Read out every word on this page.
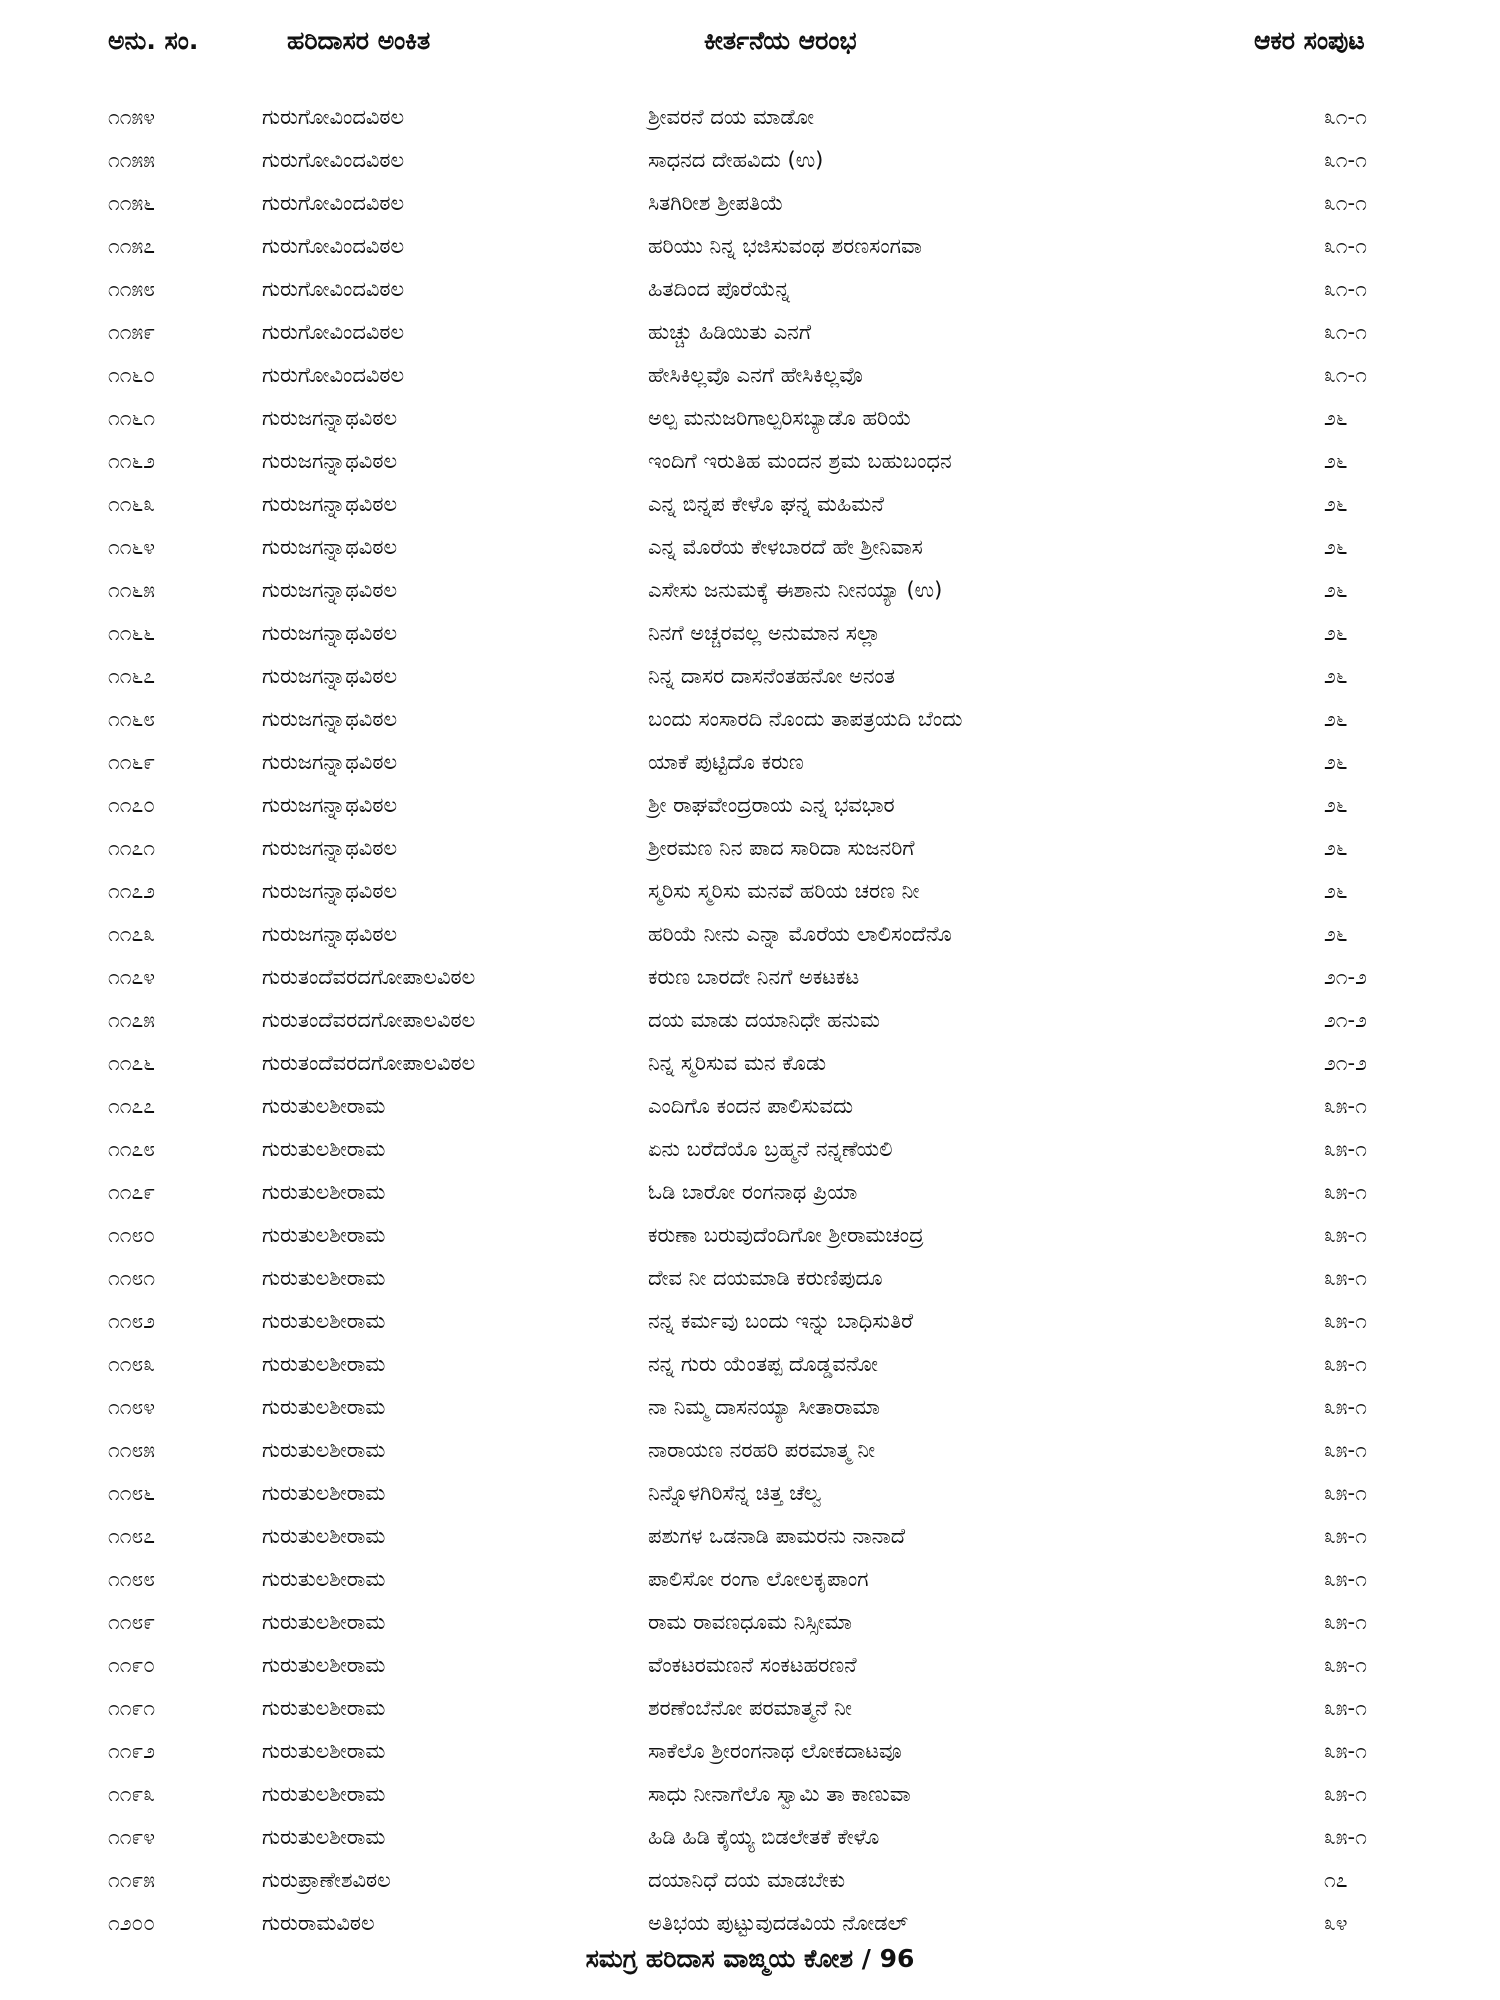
ಅನು. ಸಂ.	ಹರಿದಾಸರ ಅಂಕಿತ	ಕೀರ್ತನೆಯ ಆರಂಭ	ಆಕರ ಸಂಪುಟ
೧೧೫೪	ಗುರುಗೋವಿಂದವಿಠಲ	ಶ್ರೀವರನೆ ದಯ ಮಾಡೋ	೩೧-೧
೧೧೫೫	ಗುರುಗೋವಿಂದವಿಠಲ	ಸಾಧನದ ದೇಹವಿದು (ಉ)	೩೧-೧
೧೧೫೬	ಗುರುಗೋವಿಂದವಿಠಲ	ಸಿತಗಿರೀಶ ಶ್ರೀಪತಿಯೆ	೩೧-೧
೧೧೫೭	ಗುರುಗೋವಿಂದವಿಠಲ	ಹರಿಯು ನಿನ್ನ ಭಜಿಸುವಂಥ ಶರಣಸಂಗವಾ	೩೧-೧
೧೧೫೮	ಗುರುಗೋವಿಂದವಿಠಲ	ಹಿತದಿಂದ ಪೊರೆಯೆನ್ನ	೩೧-೧
೧೧೫೯	ಗುರುಗೋವಿಂದವಿಠಲ	ಹುಚ್ಚು ಹಿಡಿಯಿತು ಎನಗೆ	೩೧-೧
೧೧೬೦	ಗುರುಗೋವಿಂದವಿಠಲ	ಹೇಸಿಕಿಲ್ಲವೊ ಎನಗೆ ಹೇಸಿಕಿಲ್ಲವೊ	೩೧-೧
೧೧೬೧	ಗುರುಜಗನ್ನಾಥವಿಠಲ	ಅಲ್ಪ ಮನುಜರಿಗಾಲ್ಪರಿಸಬ್ಯಾಡೊ ಹರಿಯೆ	೨೬
೧೧೬೨	ಗುರುಜಗನ್ನಾಥವಿಠಲ	ಇಂದಿಗೆ ಇರುತಿಹ ಮಂದನ ಶ್ರಮ ಬಹುಬಂಧನ	೨೬
೧೧೬೩	ಗುರುಜಗನ್ನಾಥವಿಠಲ	ಎನ್ನ ಬಿನ್ನಪ ಕೇಳೊ ಘನ್ನ ಮಹಿಮನೆ	೨೬
೧೧೬೪	ಗುರುಜಗನ್ನಾಥವಿಠಲ	ಎನ್ನ ಮೊರೆಯ ಕೇಳಬಾರದೆ ಹೇ ಶ್ರೀನಿವಾಸ	೨೬
೧೧೬೫	ಗುರುಜಗನ್ನಾಥವಿಠಲ	ಎಸೇಸು ಜನುಮಕ್ಕೆ ಈಶಾನು ನೀನಯ್ಯಾ (ಉ)	೨೬
೧೧೬೬	ಗುರುಜಗನ್ನಾಥವಿಠಲ	ನಿನಗೆ ಅಚ್ಚರವಲ್ಲ ಅನುಮಾನ ಸಲ್ಲಾ	೨೬
೧೧೬೭	ಗುರುಜಗನ್ನಾಥವಿಠಲ	ನಿನ್ನ ದಾಸರ ದಾಸನೆಂತಹನೋ ಅನಂತ	೨೬
೧೧೬೮	ಗುರುಜಗನ್ನಾಥವಿಠಲ	ಬಂದು ಸಂಸಾರದಿ ನೊಂದು ತಾಪತ್ರಯದಿ ಬೆಂದು	೨೬
೧೧೬೯	ಗುರುಜಗನ್ನಾಥವಿಠಲ	ಯಾಕೆ ಪುಟ್ಟಿದೊ ಕರುಣ	೨೬
೧೧೭೦	ಗುರುಜಗನ್ನಾಥವಿಠಲ	ಶ್ರೀ ರಾಘವೇಂದ್ರರಾಯ ಎನ್ನ ಭವಭಾರ	೨೬
೧೧೭೧	ಗುರುಜಗನ್ನಾಥವಿಠಲ	ಶ್ರೀರಮಣ ನಿನ ಪಾದ ಸಾರಿದಾ ಸುಜನರಿಗೆ	೨೬
೧೧೭೨	ಗುರುಜಗನ್ನಾಥವಿಠಲ	ಸ್ಮರಿಸು ಸ್ಮರಿಸು ಮನವೆ ಹರಿಯ ಚರಣ ನೀ	೨೬
೧೧೭೩	ಗುರುಜಗನ್ನಾಥವಿಠಲ	ಹರಿಯೆ ನೀನು ಎನ್ನಾ ಮೊರೆಯ ಲಾಲಿಸಂದೆನೊ	೨೬
೧೧೭೪	ಗುರುತಂದೆವರದಗೋಪಾಲವಿಠಲ	ಕರುಣ ಬಾರದೇ ನಿನಗೆ ಅಕಟಕಟ	೨೧-೨
೧೧೭೫	ಗುರುತಂದೆವರದಗೋಪಾಲವಿಠಲ	ದಯ ಮಾಡು ದಯಾನಿಧೇ ಹನುಮ	೨೧-೨
೧೧೭೬	ಗುರುತಂದೆವರದಗೋಪಾಲವಿಠಲ	ನಿನ್ನ ಸ್ಮರಿಸುವ ಮನ ಕೊಡು	೨೧-೨
೧೧೭೭	ಗುರುತುಲಶೀರಾಮ	ಎಂದಿಗೊ ಕಂದನ ಪಾಲಿಸುವದು	೩೫-೧
೧೧೭೮	ಗುರುತುಲಶೀರಾಮ	ಏನು ಬರೆದೆಯೊ ಬ್ರಹ್ಮನೆ ನನ್ನಣೆಯಲಿ	೩೫-೧
೧೧೭೯	ಗುರುತುಲಶೀರಾಮ	ಓಡಿ ಬಾರೋ ರಂಗನಾಥ ಪ್ರಿಯಾ	೩೫-೧
೧೧೮೦	ಗುರುತುಲಶೀರಾಮ	ಕರುಣಾ ಬರುವುದೆಂದಿಗೋ ಶ್ರೀರಾಮಚಂದ್ರ	೩೫-೧
೧೧೮೧	ಗುರುತುಲಶೀರಾಮ	ದೇವ ನೀ ದಯಮಾಡಿ ಕರುಣಿಪುದೂ	೩೫-೧
೧೧೮೨	ಗುರುತುಲಶೀರಾಮ	ನನ್ನ ಕರ್ಮವು ಬಂದು ಇನ್ನು ಬಾಧಿಸುತಿರೆ	೩೫-೧
೧೧೮೩	ಗುರುತುಲಶೀರಾಮ	ನನ್ನ ಗುರು ಯೆಂತಪ್ಪ ದೊಡ್ಡವನೋ	೩೫-೧
೧೧೮೪	ಗುರುತುಲಶೀರಾಮ	ನಾ ನಿಮ್ಮ ದಾಸನಯ್ಯಾ ಸೀತಾರಾಮಾ	೩೫-೧
೧೧೮೫	ಗುರುತುಲಶೀರಾಮ	ನಾರಾಯಣ ನರಹರಿ ಪರಮಾತ್ಮ ನೀ	೩೫-೧
೧೧೮೬	ಗುರುತುಲಶೀರಾಮ	ನಿನ್ನೊಳಗಿರಿಸೆನ್ನ ಚಿತ್ತ ಚೆಲ್ವ	೩೫-೧
೧೧೮೭	ಗುರುತುಲಶೀರಾಮ	ಪಶುಗಳ ಒಡನಾಡಿ ಪಾಮರನು ನಾನಾದೆ	೩೫-೧
೧೧೮೮	ಗುರುತುಲಶೀರಾಮ	ಪಾಲಿಸೋ ರಂಗಾ ಲೋಲಕೃಪಾಂಗ	೩೫-೧
೧೧೮೯	ಗುರುತುಲಶೀರಾಮ	ರಾಮ ರಾವಣಧೂಮ ನಿಸ್ಸೀಮಾ	೩೫-೧
೧೧೯೦	ಗುರುತುಲಶೀರಾಮ	ವೆಂಕಟರಮಣನೆ ಸಂಕಟಹರಣನೆ	೩೫-೧
೧೧೯೧	ಗುರುತುಲಶೀರಾಮ	ಶರಣೆಂಬೆನೋ ಪರಮಾತ್ಮನೆ ನೀ	೩೫-೧
೧೧೯೨	ಗುರುತುಲಶೀರಾಮ	ಸಾಕೆಲೊ ಶ್ರೀರಂಗನಾಥ ಲೋಕದಾಟವೂ	೩೫-೧
೧೧೯೩	ಗುರುತುಲಶೀರಾಮ	ಸಾಧು ನೀನಾಗೆಲೊ ಸ್ವಾಮಿ ತಾ ಕಾಣುವಾ	೩೫-೧
೧೧೯೪	ಗುರುತುಲಶೀರಾಮ	ಹಿಡಿ ಹಿಡಿ ಕೈಯ್ಯ ಬಿಡಲೇತಕೆ ಕೇಳೊ	೩೫-೧
೧೧೯೫	ಗುರುಪ್ರಾಣೇಶವಿಠಲ	ದಯಾನಿಧೆ ದಯ ಮಾಡಬೇಕು	೧೭
೧೨೦೦	ಗುರುರಾಮವಿಠಲ	ಅತಿಭಯ ಪುಟ್ಟುವುದಡವಿಯ ನೋಡಲ್	೩೪
ಸಮಗ್ರ ಹರಿದಾಸ ವಾಙ್ಮಯ ಕೋಶ / 96
